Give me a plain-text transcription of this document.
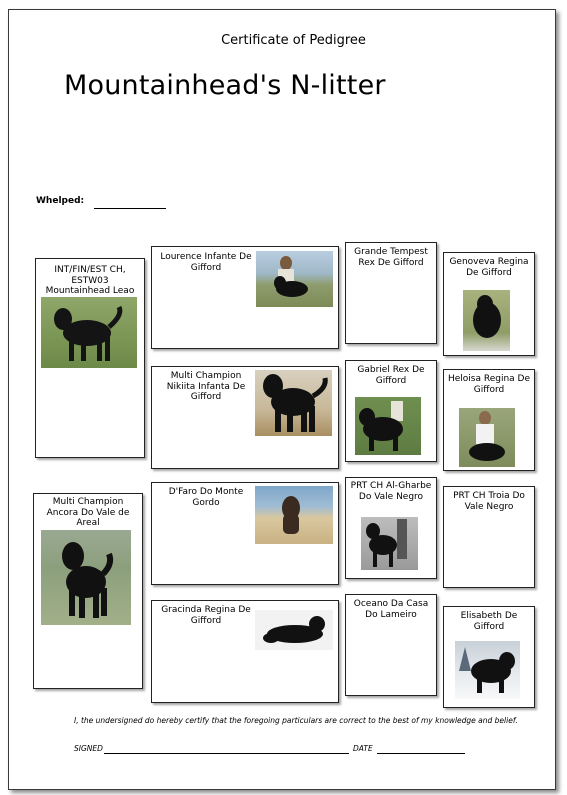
Certificate of Pedigree
Mountainhead's N-litter
Whelped:
INT/FIN/EST CH, ESTW03 Mountainhead Leao
Multi Champion Ancora Do Vale de Areal
Lourence Infante De Gifford
Multi Champion Nikiita Infanta De Gifford
D'Faro Do Monte Gordo
Gracinda Regina De Gifford
Grande Tempest Rex De Gifford
Gabriel Rex De Gifford
PRT CH Al-Gharbe Do Vale Negro
Oceano Da Casa Do Lameiro
Genoveva Regina De Gifford
Heloisa Regina De Gifford
PRT CH Troia Do Vale Negro
Elisabeth De Gifford
I, the undersigned do hereby certify that the foregoing particulars are correct to the best of my knowledge and belief.
SIGNED	DATE
